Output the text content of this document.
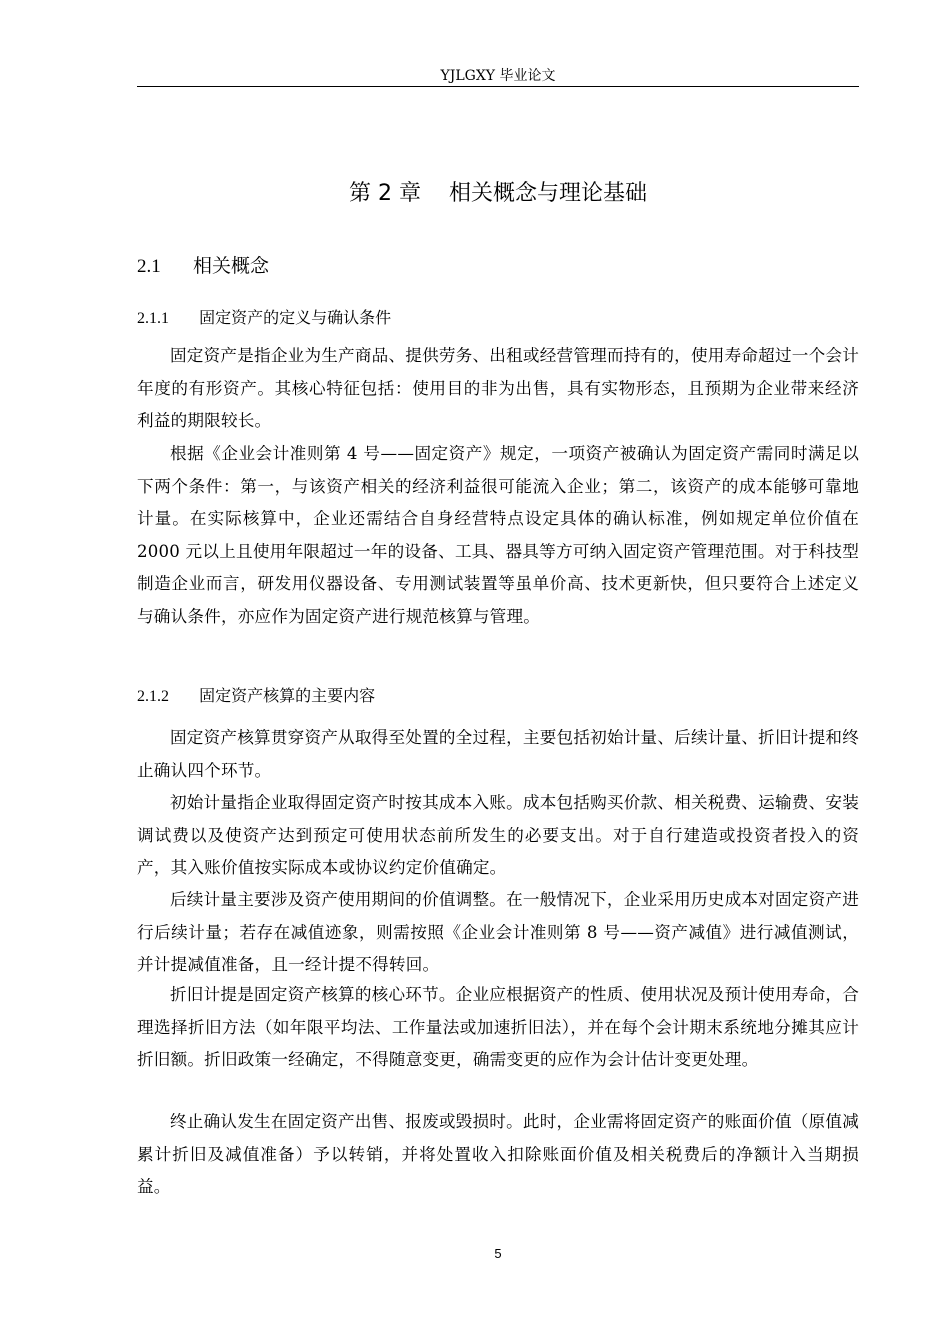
YJLGXY 毕业论文
第 2 章 相关概念与理论基础
2.1 相关概念
2.1.1 固定资产的定义与确认条件

固定资产是指企业为生产商品、提供劳务、出租或经营管理而持有的，使用寿命超过一个会计年度的有形资产。其核心特征包括：使用目的非为出售，具有实物形态，且预期为企业带来经济利益的期限较长。

根据《企业会计准则第 4 号——固定资产》规定，一项资产被确认为固定资产需同时满足以下两个条件：第一，与该资产相关的经济利益很可能流入企业；第二，该资产的成本能够可靠地计量。在实际核算中，企业还需结合自身经营特点设定具体的确认标准，例如规定单位价值在 2000 元以上且使用年限超过一年的设备、工具、器具等方可纳入固定资产管理范围。对于科技型制造企业而言，研发用仪器设备、专用测试装置等虽单价高、技术更新快，但只要符合上述定义与确认条件，亦应作为固定资产进行规范核算与管理。

2.1.2 固定资产核算的主要内容

固定资产核算贯穿资产从取得至处置的全过程，主要包括初始计量、后续计量、折旧计提和终止确认四个环节。

初始计量指企业取得固定资产时按其成本入账。成本包括购买价款、相关税费、运输费、安装调试费以及使资产达到预定可使用状态前所发生的必要支出。对于自行建造或投资者投入的资产，其入账价值按实际成本或协议约定价值确定。

后续计量主要涉及资产使用期间的价值调整。在一般情况下，企业采用历史成本对固定资产进行后续计量；若存在减值迹象，则需按照《企业会计准则第 8 号——资产减值》进行减值测试，并计提减值准备，且一经计提不得转回。

折旧计提是固定资产核算的核心环节。企业应根据资产的性质、使用状况及预计使用寿命，合理选择折旧方法（如年限平均法、工作量法或加速折旧法），并在每个会计期末系统地分摊其应计折旧额。折旧政策一经确定，不得随意变更，确需变更的应作为会计估计变更处理。

终止确认发生在固定资产出售、报废或毁损时。此时，企业需将固定资产的账面价值（原值减累计折旧及减值准备）予以转销，并将处置收入扣除账面价值及相关税费后的净额计入当期损益。

5
